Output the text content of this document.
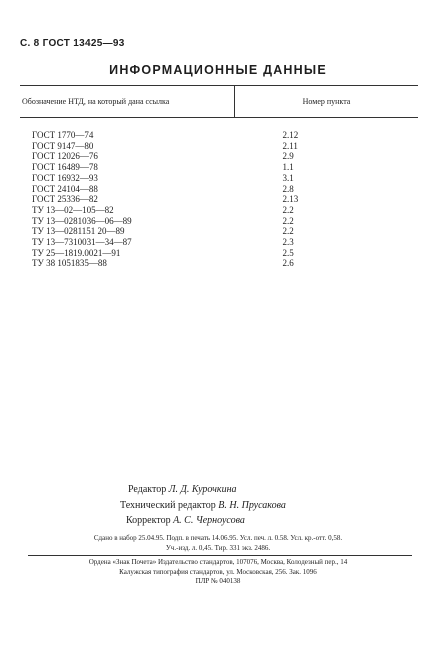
С. 8 ГОСТ 13425—93
ИНФОРМАЦИОННЫЕ ДАННЫЕ
Обозначение НТД, на который дана ссылка	Номер пункта
ГОСТ 1770—74	2.12
ГОСТ 9147—80	2.11
ГОСТ 12026—76	2.9
ГОСТ 16489—78	1.1
ГОСТ 16932—93	3.1
ГОСТ 24104—88	2.8
ГОСТ 25336—82	2.13
ТУ 13—02—105—82	2.2
ТУ 13—0281036—06—89	2.2
ТУ 13—0281151 20—89	2.2
ТУ 13—7310031—34—87	2.3
ТУ 25—1819.0021—91	2.5
ТУ 38 1051835—88	2.6
Редактор Л. Д. Курочкина
Технический редактор В. Н. Прусакова
Корректор А. С. Черноусова
Сдано в набор 25.04.95. Подп. в печать 14.06.95. Усл. печ. л. 0.58. Усл. кр.-отт. 0,58.
Уч.-изд. л. 0,45. Тир. 331 экз. 2486.
Ордена «Знак Почета» Издательство стандартов, 107076, Москва, Колодезный пер., 14
Калужская типография стандартов, ул. Московская, 256. Зак. 1096
ПЛР № 040138
